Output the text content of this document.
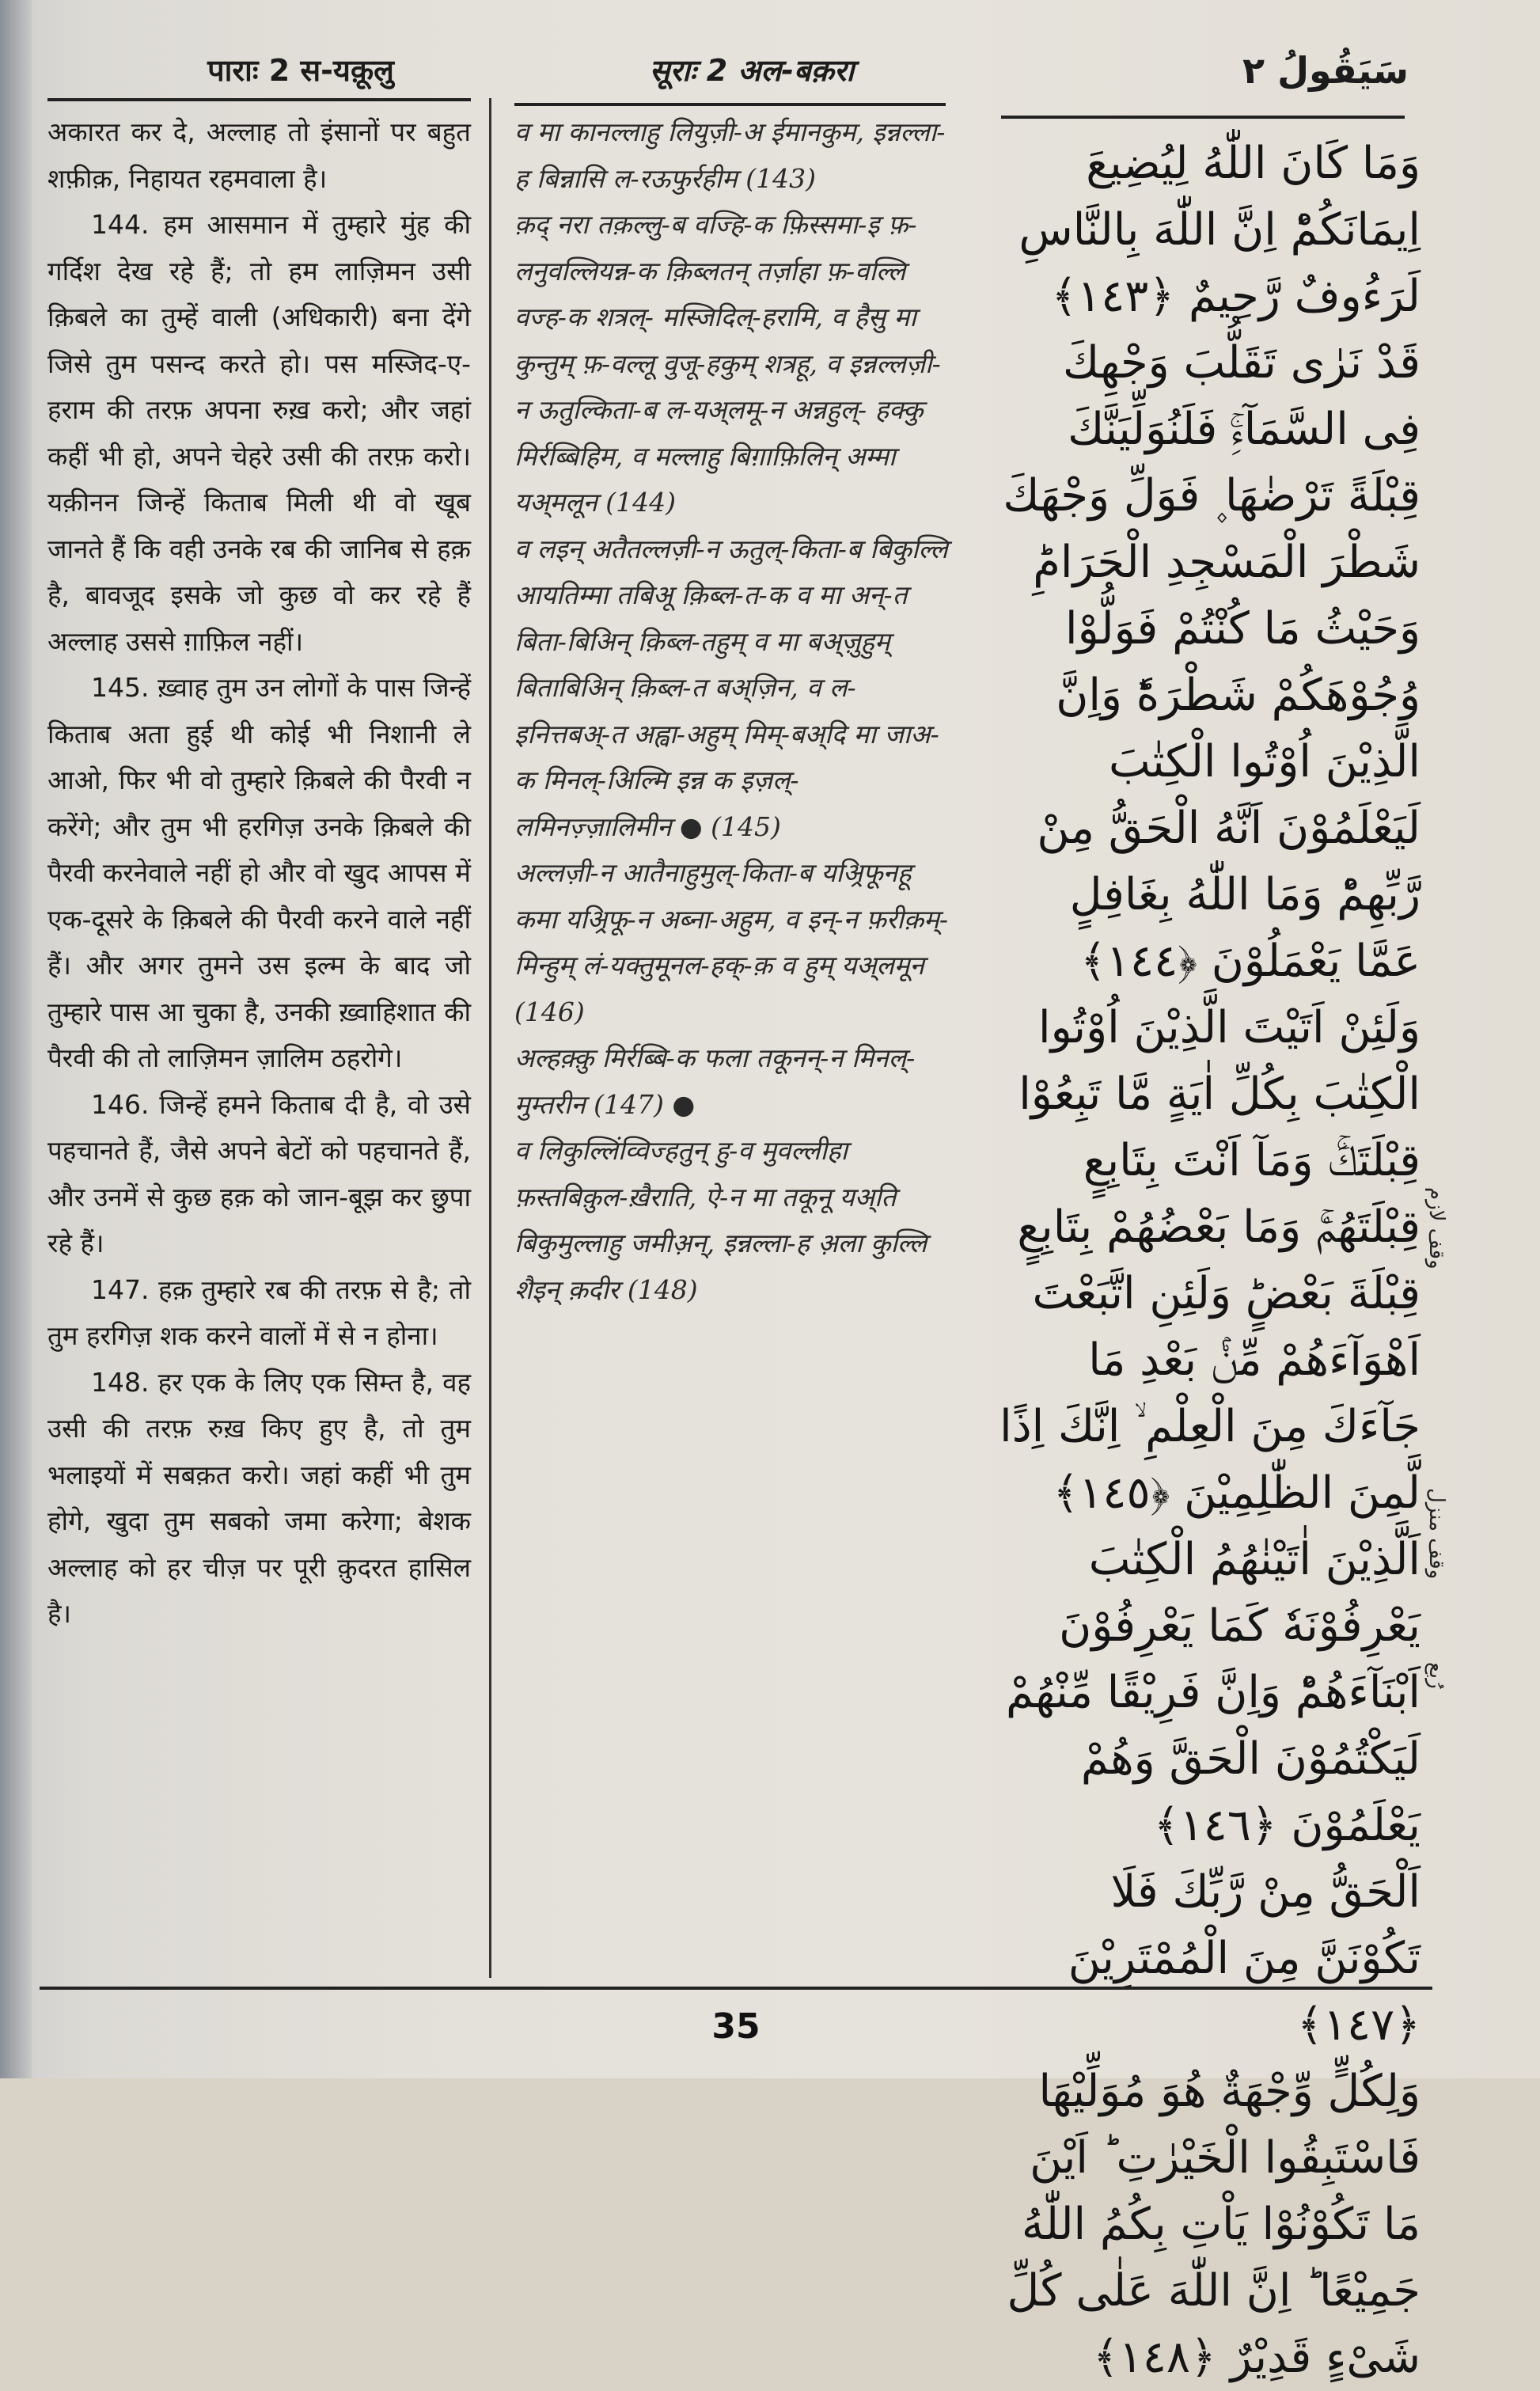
पाराः 2 स-यक़ूलु	सूराः 2 अल-बक़रा	سَيَقُولُ ٢

अकारत कर दे, अल्लाह तो इंसानों पर बहुत शफ़ीक़, निहायत रहमवाला है।

144. हम आसमान में तुम्हारे मुंह की गर्दिश देख रहे हैं; तो हम लाज़िमन उसी क़िबले का तुम्हें वाली (अधिकारी) बना देंगे जिसे तुम पसन्द करते हो। पस मस्जिद-ए-हराम की तरफ़ अपना रुख़ करो; और जहां कहीं भी हो, अपने चेहरे उसी की तरफ़ करो। यक़ीनन जिन्हें किताब मिली थी वो खूब जानते हैं कि वही उनके रब की जानिब से हक़ है, बावजूद इसके जो कुछ वो कर रहे हैं अल्लाह उससे ग़ाफ़िल नहीं।

145. ख़्वाह तुम उन लोगों के पास जिन्हें किताब अता हुई थी कोई भी निशानी ले आओ, फिर भी वो तुम्हारे क़िबले की पैरवी न करेंगे; और तुम भी हरगिज़ उनके क़िबले की पैरवी करनेवाले नहीं हो और वो खुद आपस में एक-दूसरे के क़िबले की पैरवी करने वाले नहीं हैं। और अगर तुमने उस इल्म के बाद जो तुम्हारे पास आ चुका है, उनकी ख़्वाहिशात की पैरवी की तो लाज़िमन ज़ालिम ठहरोगे।

146. जिन्हें हमने किताब दी है, वो उसे पहचानते हैं, जैसे अपने बेटों को पहचानते हैं, और उनमें से कुछ हक़ को जान-बूझ कर छुपा रहे हैं।

147. हक़ तुम्हारे रब की तरफ़ से है; तो तुम हरगिज़ शक करने वालों में से न होना।

148. हर एक के लिए एक सिम्त है, वह उसी की तरफ़ रुख़ किए हुए है, तो तुम भलाइयों में सबक़त करो। जहां कहीं भी तुम होगे, खुदा तुम सबको जमा करेगा; बेशक अल्लाह को हर चीज़ पर पूरी क़ुदरत हासिल है।

व मा कानल्लाहु लियुज़ी-अ ईमानकुम, इन्नल्ला-ह बिन्नासि ल-रऊफुर्रहीम (143)

क़द् नरा तक़ल्लु-ब वज्हि-क फ़िस्समा-इ फ़-लनुवल्लियन्न-क क़िब्लतन् तर्ज़ाहा फ़-वल्लि वज्ह-क शत्रल्- मस्जिदिल्-हरामि, व हैसु मा कुन्तुम् फ़-वल्लू वुजू-हकुम् शत्रहू, व इन्नल्लज़ी-न ऊतुल्किता-ब ल-यअ्लमू-न अन्नहुल्- हक्कु मिर्रब्बिहिम, व मल्लाहु बिग़ाफ़िलिन् अम्मा यअ्मलून (144)

व लइन् अतैतल्लज़ी-न ऊतुल्-किता-ब बिकुल्लि आयतिम्मा तबिअू क़िब्ल-त-क व मा अन्-त बिता-बिअिन् क़िब्ल-तहुम् व मा बअ्ज़ुहुम् बिताबिअिन् क़िब्ल-त बअ्ज़िन, व ल- इनित्तबअ्-त अह्वा-अहुम् मिम्-बअ्दि मा जाअ-क मिनल्-अिल्मि इन्न क इज़ल्- लमिनज़्ज़ालिमीन ● (145)

अल्लज़ी-न आतैनाहुमुल्-किता-ब यअ्रिफूनहू कमा यअ्रिफू-न अब्ना-अहुम, व इन्-न फ़रीक़म्-मिन्हुम् लं-यक्तुमूनल-हक्-क़ व हुम् यअ्लमून (146)

अल्हक़्क़ु मिर्रब्बि-क फला तकूनन्-न मिनल्- मुम्तरीन (147) ●

व लिकुल्लिंव्विज्हतुन् हु-व मुवल्लीहा फ़स्तबिक़ुल-ख़ैराति, ऐ-न मा तकूनू यअ्ति बिकुमुल्लाहु जमीअ़न्, इन्नल्ला-ह अ़ला कुल्लि शैइन् क़दीर (148)

وَمَا كَانَ اللّٰهُ لِيُضِيعَ اِيمَانَكُمْؕ اِنَّ اللّٰهَ بِالنَّاسِ لَرَءُوفٌ رَّحِيمٌ ﴿١٤٣﴾

قَدْ نَرٰى تَقَلُّبَ وَجْهِكَ فِى السَّمَآءِۚ فَلَنُوَلِّيَنَّكَ قِبْلَةً تَرْضٰهَا ۪ فَوَلِّ وَجْهَكَ شَطْرَ الْمَسْجِدِ الْحَرَامِؕ وَحَيْثُ مَا كُنْتُمْ فَوَلُّوْا وُجُوْهَكُمْ شَطْرَهٗؕ وَاِنَّ الَّذِيْنَ اُوْتُوا الْكِتٰبَ لَيَعْلَمُوْنَ اَنَّهُ الْحَقُّ مِنْ رَّبِّهِمْؕ وَمَا اللّٰهُ بِغَافِلٍ عَمَّا يَعْمَلُوْنَ ﴿١٤٤﴾

وَلَئِنْ اَتَيْتَ الَّذِيْنَ اُوْتُوا الْكِتٰبَ بِكُلِّ اٰيَةٍ مَّا تَبِعُوْا قِبْلَتَكَۚ وَمَآ اَنْتَ بِتَابِعٍ قِبْلَتَهُمْۚ وَمَا بَعْضُهُمْ بِتَابِعٍ قِبْلَةَ بَعْضٍؕ وَلَئِنِ اتَّبَعْتَ اَهْوَآءَهُمْ مِّنْۢ بَعْدِ مَا جَآءَكَ مِنَ الْعِلْمِ ۙ اِنَّكَ اِذًا لَّمِنَ الظّٰلِمِيْنَ ﴿١٤٥﴾

اَلَّذِيْنَ اٰتَيْنٰهُمُ الْكِتٰبَ يَعْرِفُوْنَهٗ كَمَا يَعْرِفُوْنَ اَبْنَآءَهُمْؕ وَاِنَّ فَرِيْقًا مِّنْهُمْ لَيَكْتُمُوْنَ الْحَقَّ وَهُمْ يَعْلَمُوْنَ ﴿١٤٦﴾

اَلْحَقُّ مِنْ رَّبِّكَ فَلَا تَكُوْنَنَّ مِنَ الْمُمْتَرِيْنَ ﴿١٤٧﴾

وَلِكُلٍّ وِّجْهَةٌ هُوَ مُوَلِّيْهَا فَاسْتَبِقُوا الْخَيْرٰتِ ؕ اَيْنَ مَا تَكُوْنُوْا يَاْتِ بِكُمُ اللّٰهُ جَمِيْعًا ؕ اِنَّ اللّٰهَ عَلٰى كُلِّ شَىْءٍ قَدِيْرٌ ﴿١٤٨﴾

وقف لازم
وقف منزل
رُبع
35
